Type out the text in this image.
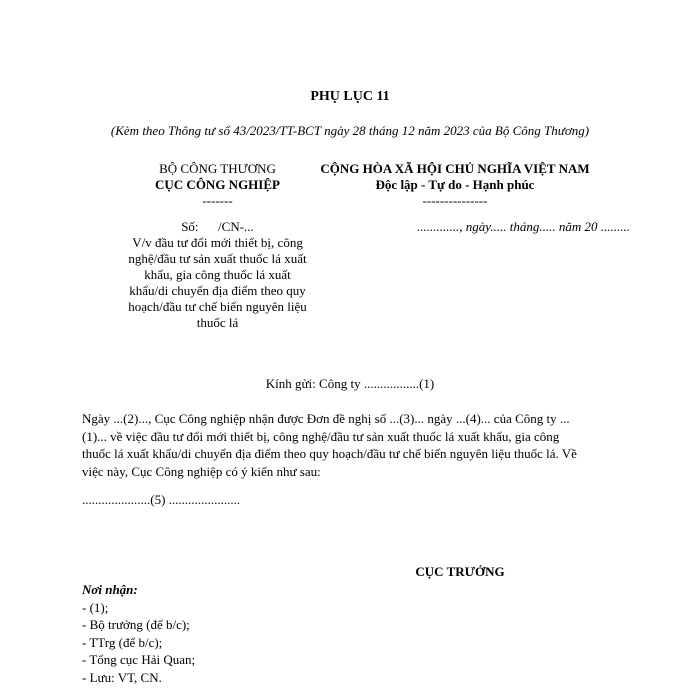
PHỤ LỤC 11
(Kèm theo Thông tư số 43/2023/TT-BCT ngày 28 tháng 12 năm 2023 của Bộ Công Thương)
BỘ CÔNG THƯƠNG
CỤC CÔNG NGHIỆP
-------
CỘNG HÒA XÃ HỘI CHỦ NGHĨA VIỆT NAM
Độc lập - Tự do - Hạnh phúc
---------------
Số:      /CN-...
V/v đầu tư đổi mới thiết bị, công
nghệ/đầu tư sản xuất thuốc lá xuất
khẩu, gia công thuốc lá xuất
khẩu/di chuyển địa điểm theo quy
hoạch/đầu tư chế biến nguyên liệu
thuốc lá
............., ngày..... tháng..... năm 20 .........
Kính gửi: Công ty .................(1)
Ngày ...(2)..., Cục Công nghiệp nhận được Đơn đề nghị số ...(3)... ngày ...(4)... của Công ty ...
(1)... về việc đầu tư đổi mới thiết bị, công nghệ/đầu tư sản xuất thuốc lá xuất khẩu, gia công
thuốc lá xuất khẩu/di chuyển địa điểm theo quy hoạch/đầu tư chế biến nguyên liệu thuốc lá. Về
việc này, Cục Công nghiệp có ý kiến như sau:
.....................(5) ......................
CỤC TRƯỞNG
Nơi nhận:
- (1);
- Bộ trưởng (để b/c);
- TTrg (để b/c);
- Tổng cục Hải Quan;
- Lưu: VT, CN.
